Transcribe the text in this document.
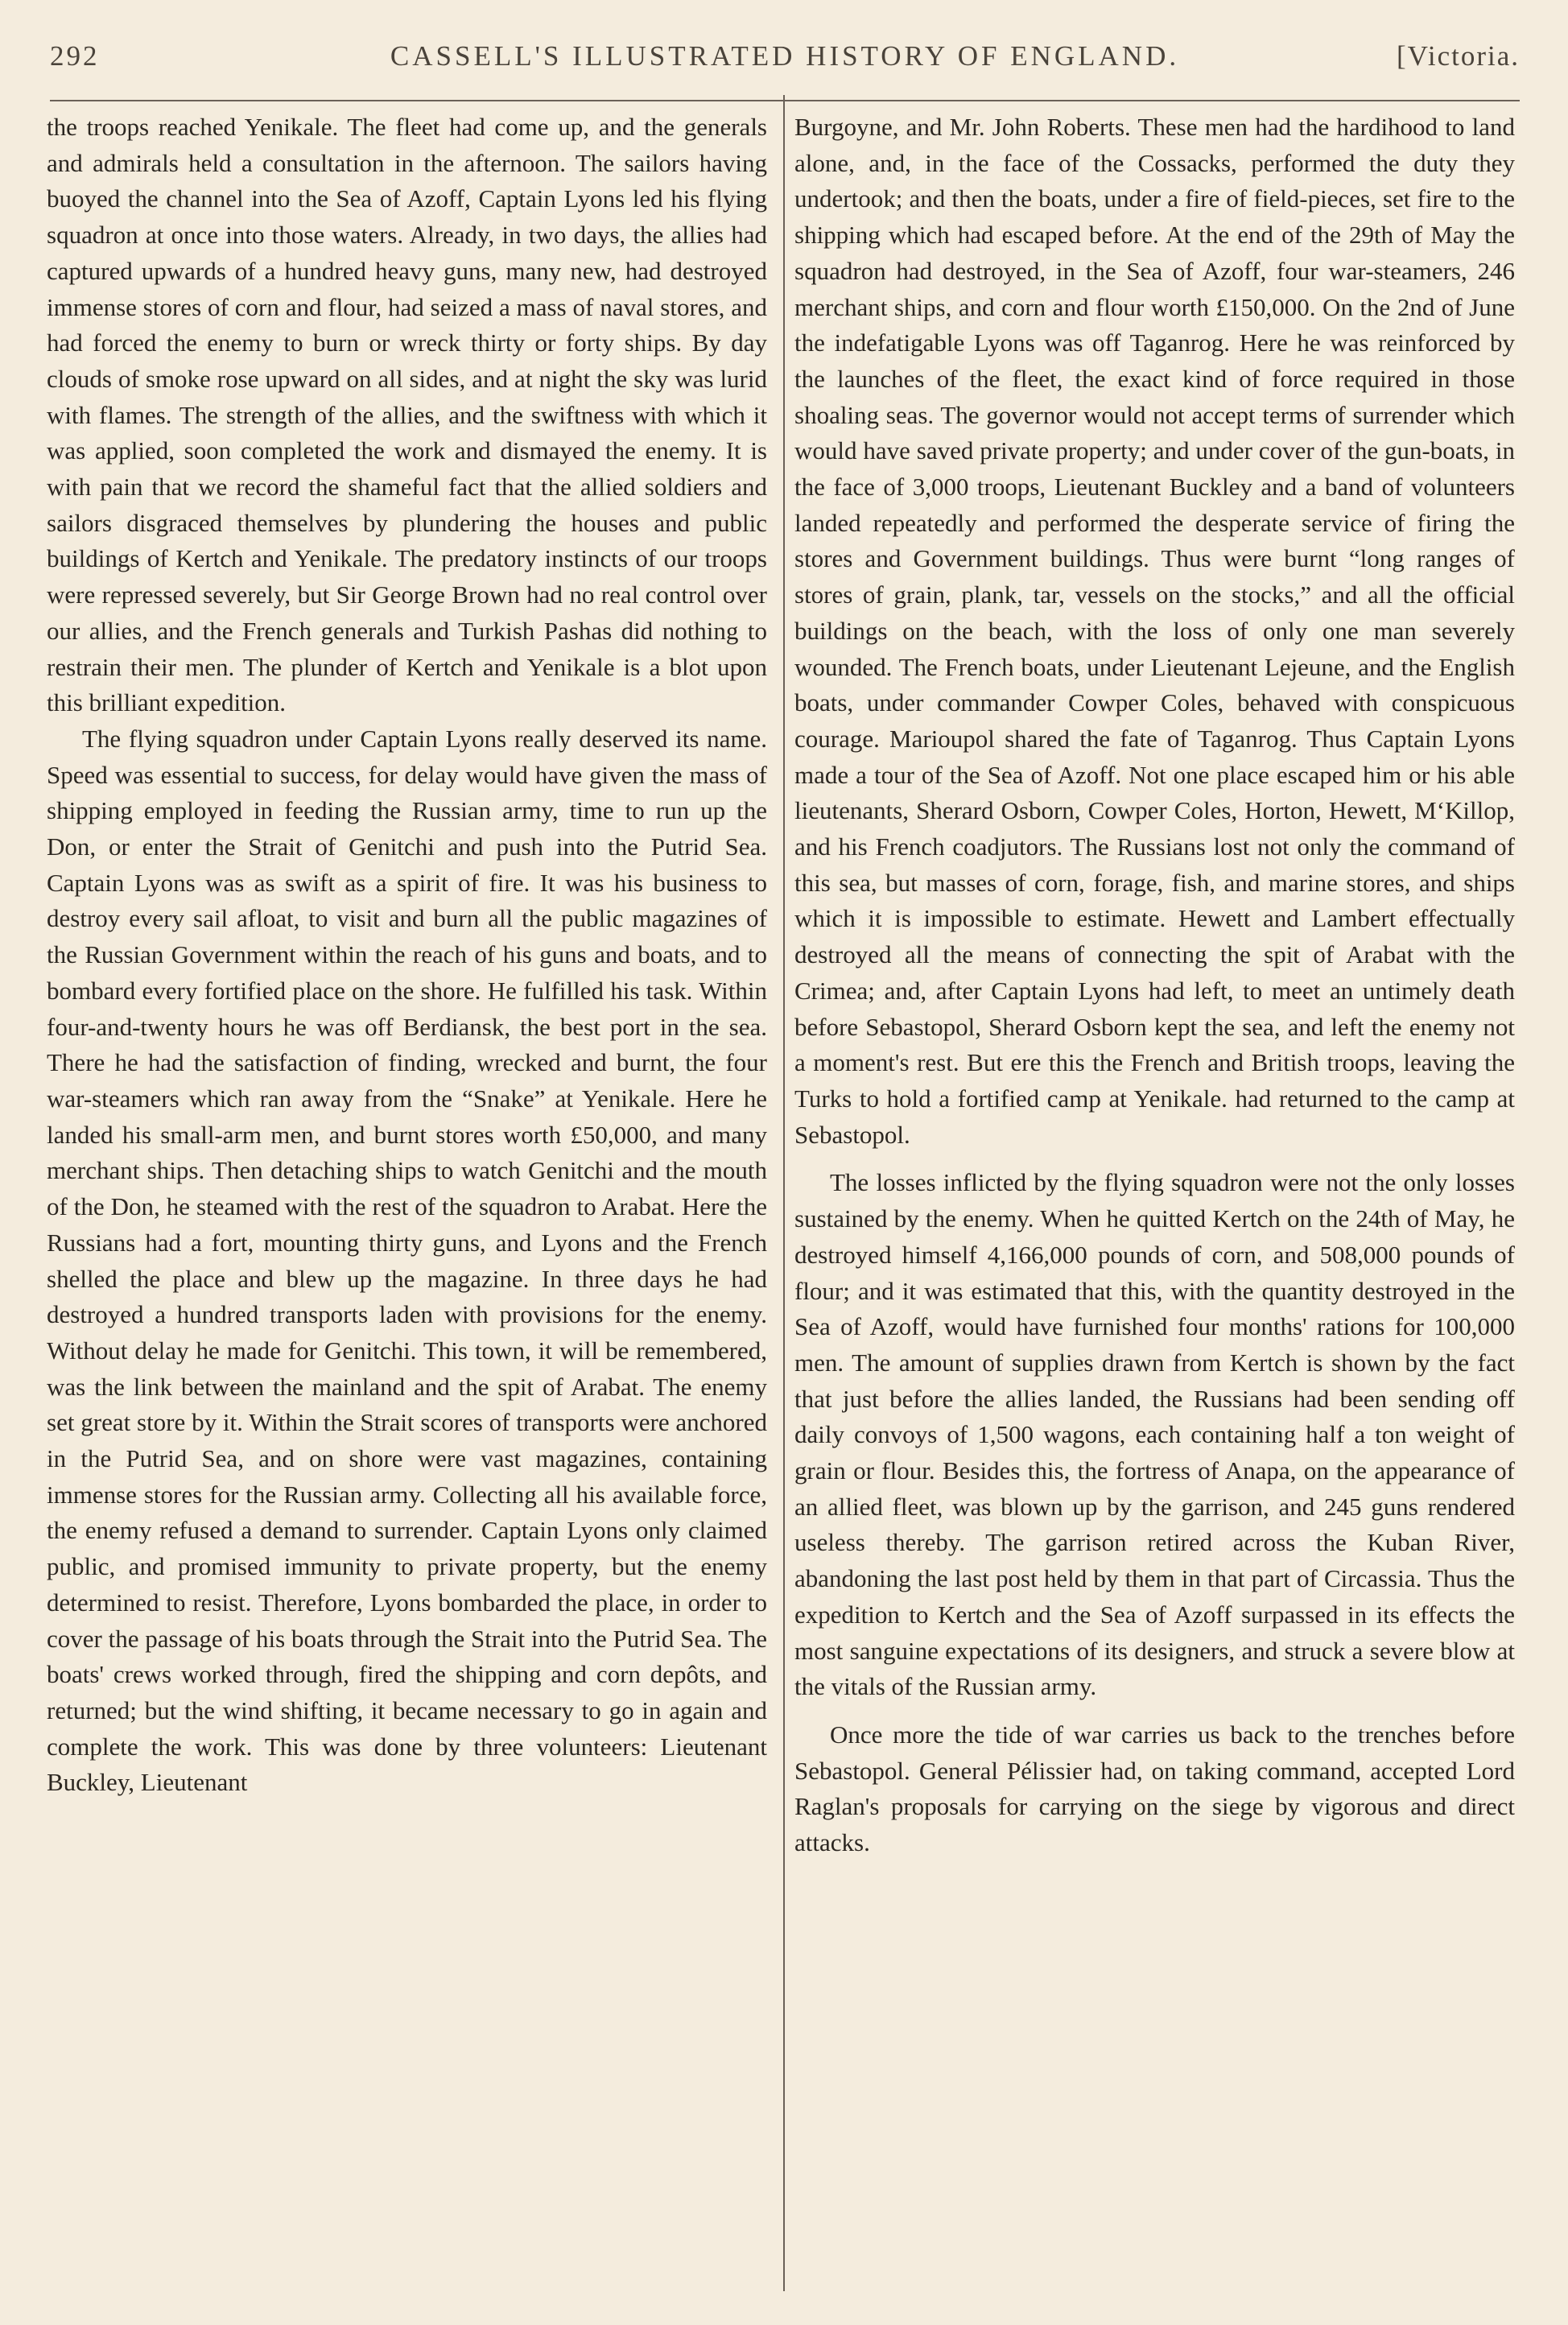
292	CASSELL'S ILLUSTRATED HISTORY OF ENGLAND.	[Victoria.

the troops reached Yenikale. The fleet had come up, and the generals and admirals held a consultation in the afternoon. The sailors having buoyed the channel into the Sea of Azoff, Captain Lyons led his flying squadron at once into those waters. Already, in two days, the allies had captured upwards of a hundred heavy guns, many new, had destroyed immense stores of corn and flour, had seized a mass of naval stores, and had forced the enemy to burn or wreck thirty or forty ships. By day clouds of smoke rose upward on all sides, and at night the sky was lurid with flames. The strength of the allies, and the swiftness with which it was applied, soon completed the work and dismayed the enemy. It is with pain that we record the shameful fact that the allied soldiers and sailors disgraced themselves by plundering the houses and public buildings of Kertch and Yenikale. The predatory instincts of our troops were repressed severely, but Sir George Brown had no real control over our allies, and the French generals and Turkish Pashas did nothing to restrain their men. The plunder of Kertch and Yenikale is a blot upon this brilliant expedition.

The flying squadron under Captain Lyons really deserved its name. Speed was essential to success, for delay would have given the mass of shipping employed in feeding the Russian army, time to run up the Don, or enter the Strait of Genitchi and push into the Putrid Sea. Captain Lyons was as swift as a spirit of fire. It was his business to destroy every sail afloat, to visit and burn all the public magazines of the Russian Government within the reach of his guns and boats, and to bombard every fortified place on the shore. He fulfilled his task. Within four-and-twenty hours he was off Berdiansk, the best port in the sea. There he had the satisfaction of finding, wrecked and burnt, the four war-steamers which ran away from the “Snake” at Yenikale. Here he landed his small-arm men, and burnt stores worth £50,000, and many merchant ships. Then detaching ships to watch Genitchi and the mouth of the Don, he steamed with the rest of the squadron to Arabat. Here the Russians had a fort, mounting thirty guns, and Lyons and the French shelled the place and blew up the magazine. In three days he had destroyed a hundred transports laden with provisions for the enemy. Without delay he made for Genitchi. This town, it will be remembered, was the link between the mainland and the spit of Arabat. The enemy set great store by it. Within the Strait scores of transports were anchored in the Putrid Sea, and on shore were vast magazines, containing immense stores for the Russian army. Collecting all his available force, the enemy refused a demand to surrender. Captain Lyons only claimed public, and promised immunity to private property, but the enemy determined to resist. Therefore, Lyons bombarded the place, in order to cover the passage of his boats through the Strait into the Putrid Sea. The boats' crews worked through, fired the shipping and corn depôts, and returned; but the wind shifting, it became necessary to go in again and complete the work. This was done by three volunteers: Lieutenant Buckley, Lieutenant

Burgoyne, and Mr. John Roberts. These men had the hardihood to land alone, and, in the face of the Cossacks, performed the duty they undertook; and then the boats, under a fire of field-pieces, set fire to the shipping which had escaped before. At the end of the 29th of May the squadron had destroyed, in the Sea of Azoff, four war-steamers, 246 merchant ships, and corn and flour worth £150,000. On the 2nd of June the indefatigable Lyons was off Taganrog. Here he was reinforced by the launches of the fleet, the exact kind of force required in those shoaling seas. The governor would not accept terms of surrender which would have saved private property; and under cover of the gun-boats, in the face of 3,000 troops, Lieutenant Buckley and a band of volunteers landed repeatedly and performed the desperate service of firing the stores and Government buildings. Thus were burnt “long ranges of stores of grain, plank, tar, vessels on the stocks,” and all the official buildings on the beach, with the loss of only one man severely wounded. The French boats, under Lieutenant Lejeune, and the English boats, under commander Cowper Coles, behaved with conspicuous courage. Marioupol shared the fate of Taganrog. Thus Captain Lyons made a tour of the Sea of Azoff. Not one place escaped him or his able lieutenants, Sherard Osborn, Cowper Coles, Horton, Hewett, M‘Killop, and his French coadjutors. The Russians lost not only the command of this sea, but masses of corn, forage, fish, and marine stores, and ships which it is impossible to estimate. Hewett and Lambert effectually destroyed all the means of connecting the spit of Arabat with the Crimea; and, after Captain Lyons had left, to meet an untimely death before Sebastopol, Sherard Osborn kept the sea, and left the enemy not a moment's rest. But ere this the French and British troops, leaving the Turks to hold a fortified camp at Yenikale. had returned to the camp at Sebastopol.

The losses inflicted by the flying squadron were not the only losses sustained by the enemy. When he quitted Kertch on the 24th of May, he destroyed himself 4,166,000 pounds of corn, and 508,000 pounds of flour; and it was estimated that this, with the quantity destroyed in the Sea of Azoff, would have furnished four months' rations for 100,000 men. The amount of supplies drawn from Kertch is shown by the fact that just before the allies landed, the Russians had been sending off daily convoys of 1,500 wagons, each containing half a ton weight of grain or flour. Besides this, the fortress of Anapa, on the appearance of an allied fleet, was blown up by the garrison, and 245 guns rendered useless thereby. The garrison retired across the Kuban River, abandoning the last post held by them in that part of Circassia. Thus the expedition to Kertch and the Sea of Azoff surpassed in its effects the most sanguine expectations of its designers, and struck a severe blow at the vitals of the Russian army.

Once more the tide of war carries us back to the trenches before Sebastopol. General Pélissier had, on taking command, accepted Lord Raglan's proposals for carrying on the siege by vigorous and direct attacks.
